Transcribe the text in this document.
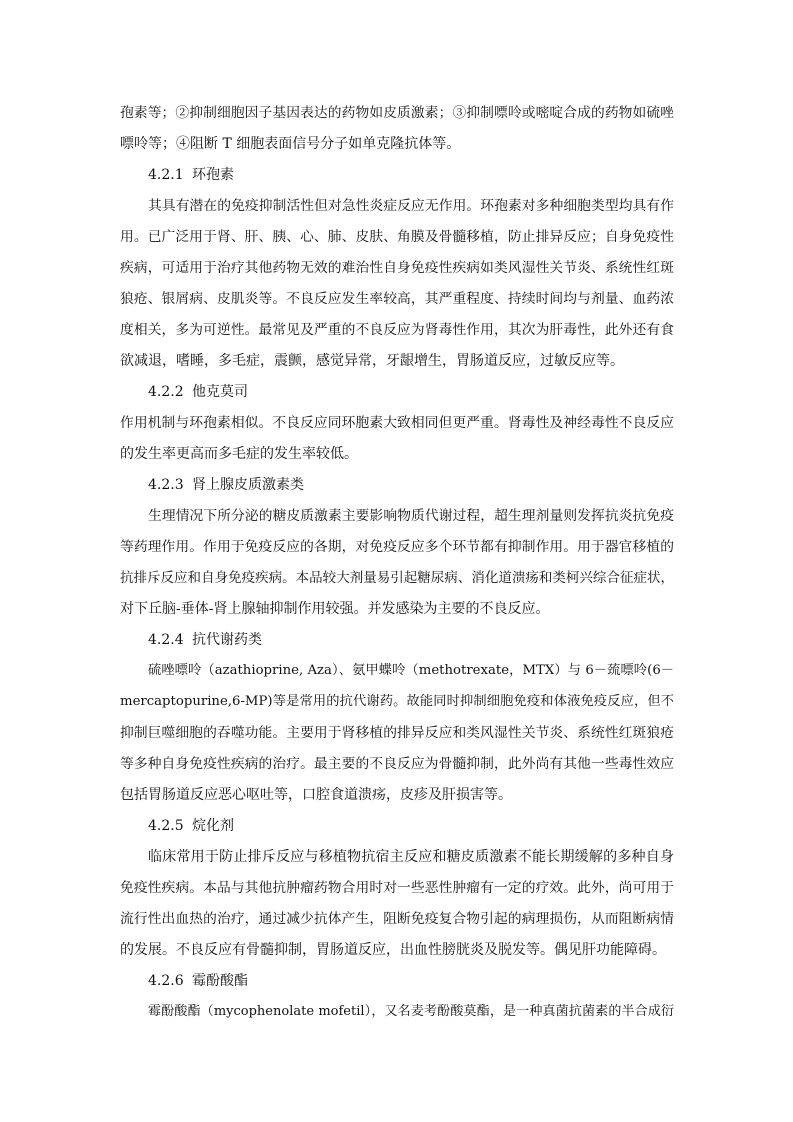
孢素等；②抑制细胞因子基因表达的药物如皮质激素；③抑制嘌呤或嘧啶合成的药物如硫唑
嘌呤等；④阻断 T 细胞表面信号分子如单克隆抗体等。
4.2.1 环孢素
其具有潜在的免疫抑制活性但对急性炎症反应无作用。环孢素对多种细胞类型均具有作
用。已广泛用于肾、肝、胰、心、肺、皮肤、角膜及骨髓移植，防止排异反应；自身免疫性
疾病，可适用于治疗其他药物无效的难治性自身免疫性疾病如类风湿性关节炎、系统性红斑
狼疮、银屑病、皮肌炎等。不良反应发生率较高，其严重程度、持续时间均与剂量、血药浓
度相关，多为可逆性。最常见及严重的不良反应为肾毒性作用，其次为肝毒性，此外还有食
欲减退，嗜睡，多毛症，震颤，感觉异常，牙龈增生，胃肠道反应，过敏反应等。
4.2.2 他克莫司
作用机制与环孢素相似。不良反应同环胞素大致相同但更严重。肾毒性及神经毒性不良反应
的发生率更高而多毛症的发生率较低。
4.2.3 肾上腺皮质激素类
生理情况下所分泌的糖皮质激素主要影响物质代谢过程，超生理剂量则发挥抗炎抗免疫
等药理作用。作用于免疫反应的各期，对免疫反应多个环节都有抑制作用。用于器官移植的
抗排斥反应和自身免疫疾病。本品较大剂量易引起糖尿病、消化道溃疡和类柯兴综合征症状，
对下丘脑-垂体-肾上腺轴抑制作用较强。并发感染为主要的不良反应。
4.2.4 抗代谢药类
硫唑嘌呤（azathioprine, Aza）、氨甲蝶呤（methotrexate，MTX）与 6－巯嘌呤(6－
mercaptopurine,6-MP)等是常用的抗代谢药。故能同时抑制细胞免疫和体液免疫反应，但不
抑制巨噬细胞的吞噬功能。主要用于肾移植的排异反应和类风湿性关节炎、系统性红斑狼疮
等多种自身免疫性疾病的治疗。最主要的不良反应为骨髓抑制，此外尚有其他一些毒性效应
包括胃肠道反应恶心呕吐等，口腔食道溃疡，皮疹及肝损害等。
4.2.5 烷化剂
临床常用于防止排斥反应与移植物抗宿主反应和糖皮质激素不能长期缓解的多种自身
免疫性疾病。本品与其他抗肿瘤药物合用时对一些恶性肿瘤有一定的疗效。此外，尚可用于
流行性出血热的治疗，通过减少抗体产生，阻断免疫复合物引起的病理损伤，从而阻断病情
的发展。不良反应有骨髓抑制，胃肠道反应，出血性膀胱炎及脱发等。偶见肝功能障碍。
4.2.6 霉酚酸酯
霉酚酸酯（mycophenolate mofetil），又名麦考酚酸莫酯，是一种真菌抗菌素的半合成衍
